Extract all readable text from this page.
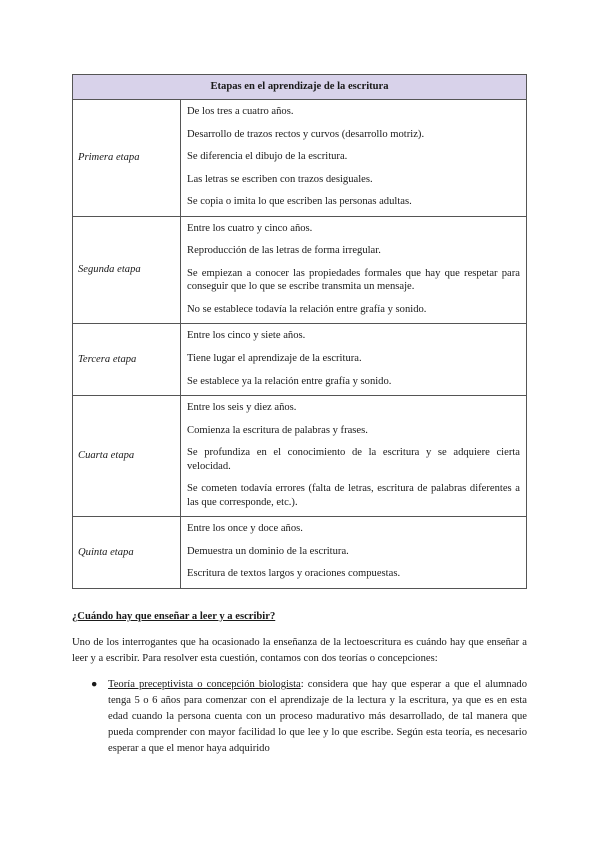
Etapas en el aprendizaje de la escritura	
Primera etapa	De los tres a cuatro años.

Desarrollo de trazos rectos y curvos (desarrollo motriz).

Se diferencia el dibujo de la escritura.

Las letras se escriben con trazos desiguales.

Se copia o imita lo que escriben las personas adultas.

Segunda etapa	Entre los cuatro y cinco años.

Reproducción de las letras de forma irregular.

Se empiezan a conocer las propiedades formales que hay que respetar para conseguir que lo que se escribe transmita un mensaje.

No se establece todavía la relación entre grafía y sonido.

Tercera etapa	Entre los cinco y siete años.

Tiene lugar el aprendizaje de la escritura.

Se establece ya la relación entre grafía y sonido.

Cuarta etapa	Entre los seis y diez años.

Comienza la escritura de palabras y frases.

Se profundiza en el conocimiento de la escritura y se adquiere cierta velocidad.

Se cometen todavía errores (falta de letras, escritura de palabras diferentes a las que corresponde, etc.).

Quinta etapa	Entre los once y doce años.

Demuestra un dominio de la escritura.

Escritura de textos largos y oraciones compuestas.

¿Cuándo hay que enseñar a leer y a escribir?

Uno de los interrogantes que ha ocasionado la enseñanza de la lectoescritura es cuándo hay que enseñar a leer y a escribir. Para resolver esta cuestión, contamos con dos teorías o concepciones:

● Teoría preceptivista o concepción biologista: considera que hay que esperar a que el alumnado tenga 5 o 6 años para comenzar con el aprendizaje de la lectura y la escritura, ya que es en esta edad cuando la persona cuenta con un proceso madurativo más desarrollado, de tal manera que pueda comprender con mayor facilidad lo que lee y lo que escribe. Según esta teoría, es necesario esperar a que el menor haya adquirido
